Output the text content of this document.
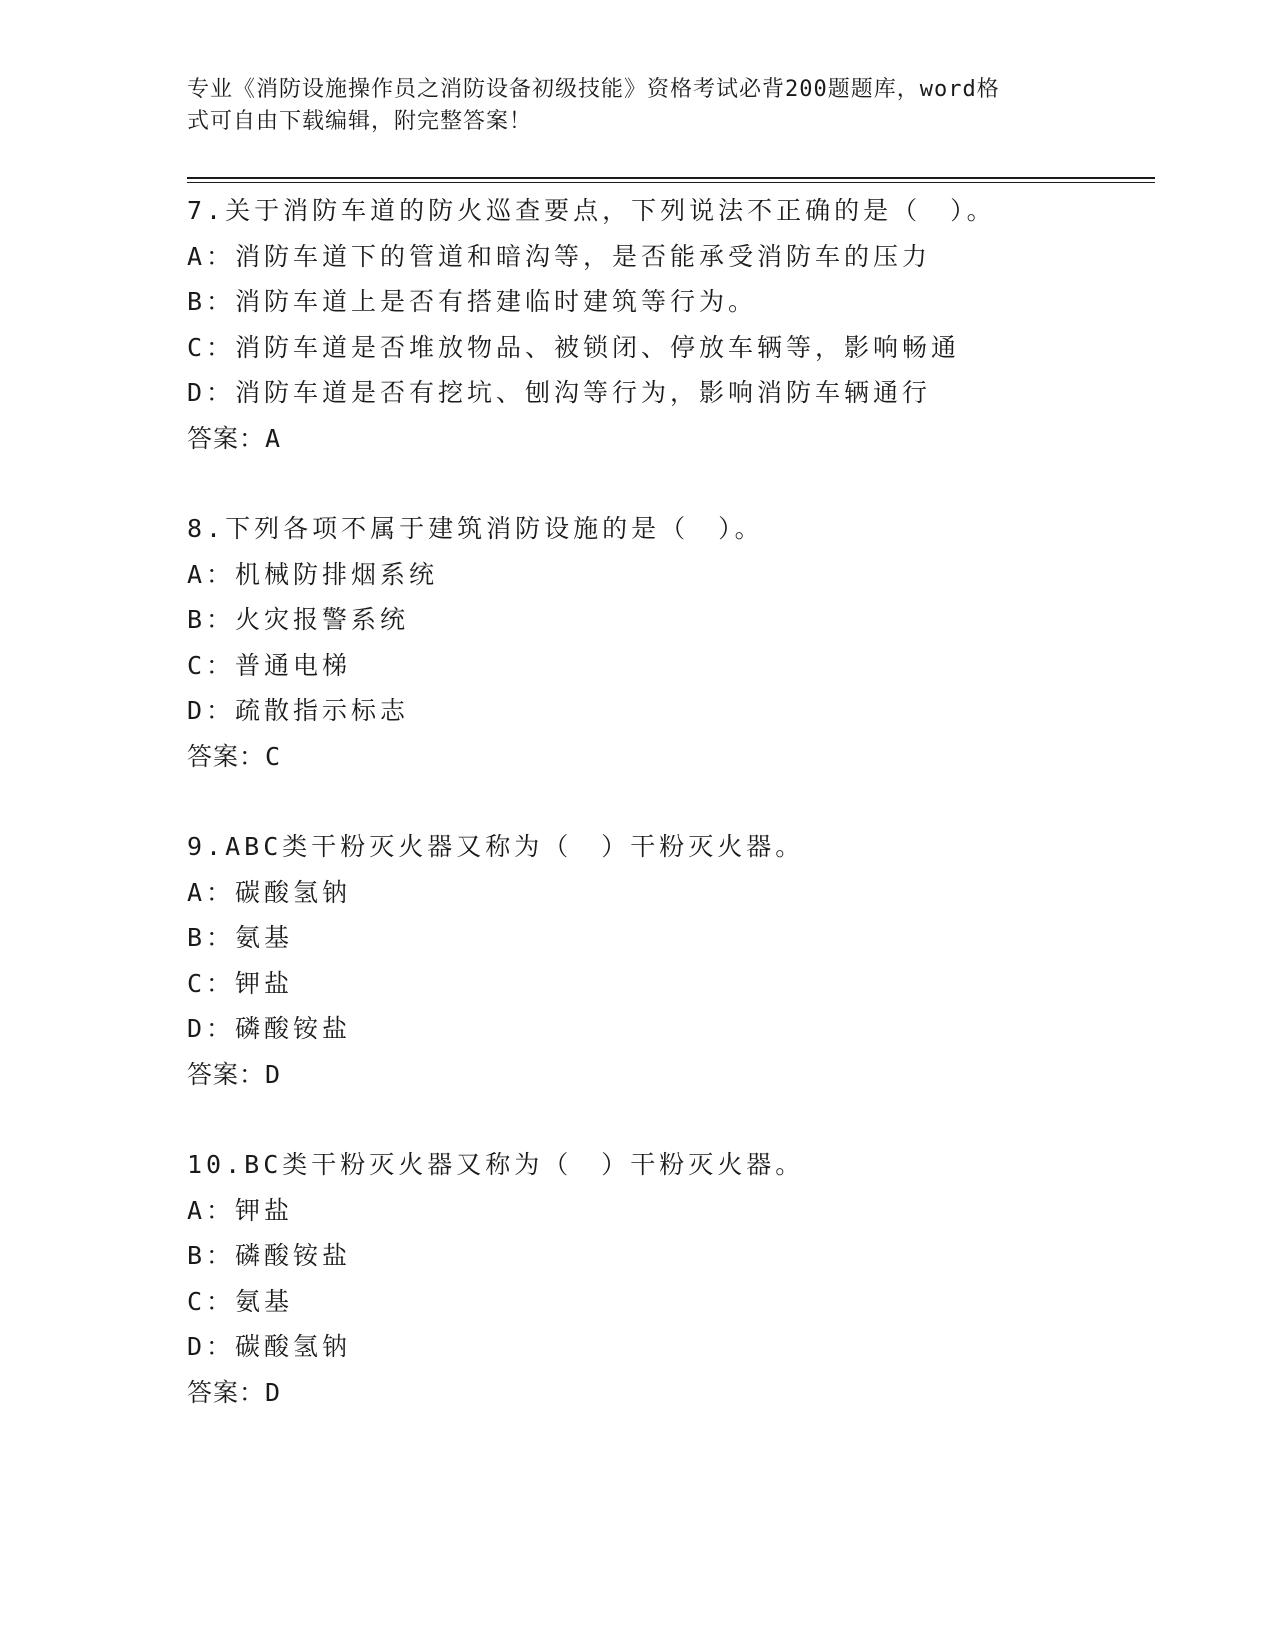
专业《消防设施操作员之消防设备初级技能》资格考试必背200题题库，word格
式可自由下载编辑，附完整答案！
7.关于消防车道的防火巡查要点，下列说法不正确的是（　）。
A：消防车道下的管道和暗沟等，是否能承受消防车的压力
B：消防车道上是否有搭建临时建筑等行为。
C：消防车道是否堆放物品、被锁闭、停放车辆等，影响畅通
D：消防车道是否有挖坑、刨沟等行为，影响消防车辆通行
答案：A
8.下列各项不属于建筑消防设施的是（　）。
A：机械防排烟系统
B：火灾报警系统
C：普通电梯
D：疏散指示标志
答案：C
9.ABC类干粉灭火器又称为（　）干粉灭火器。
A：碳酸氢钠
B：氨基
C：钾盐
D：磷酸铵盐
答案：D
10.BC类干粉灭火器又称为（　）干粉灭火器。
A：钾盐
B：磷酸铵盐
C：氨基
D：碳酸氢钠
答案：D
